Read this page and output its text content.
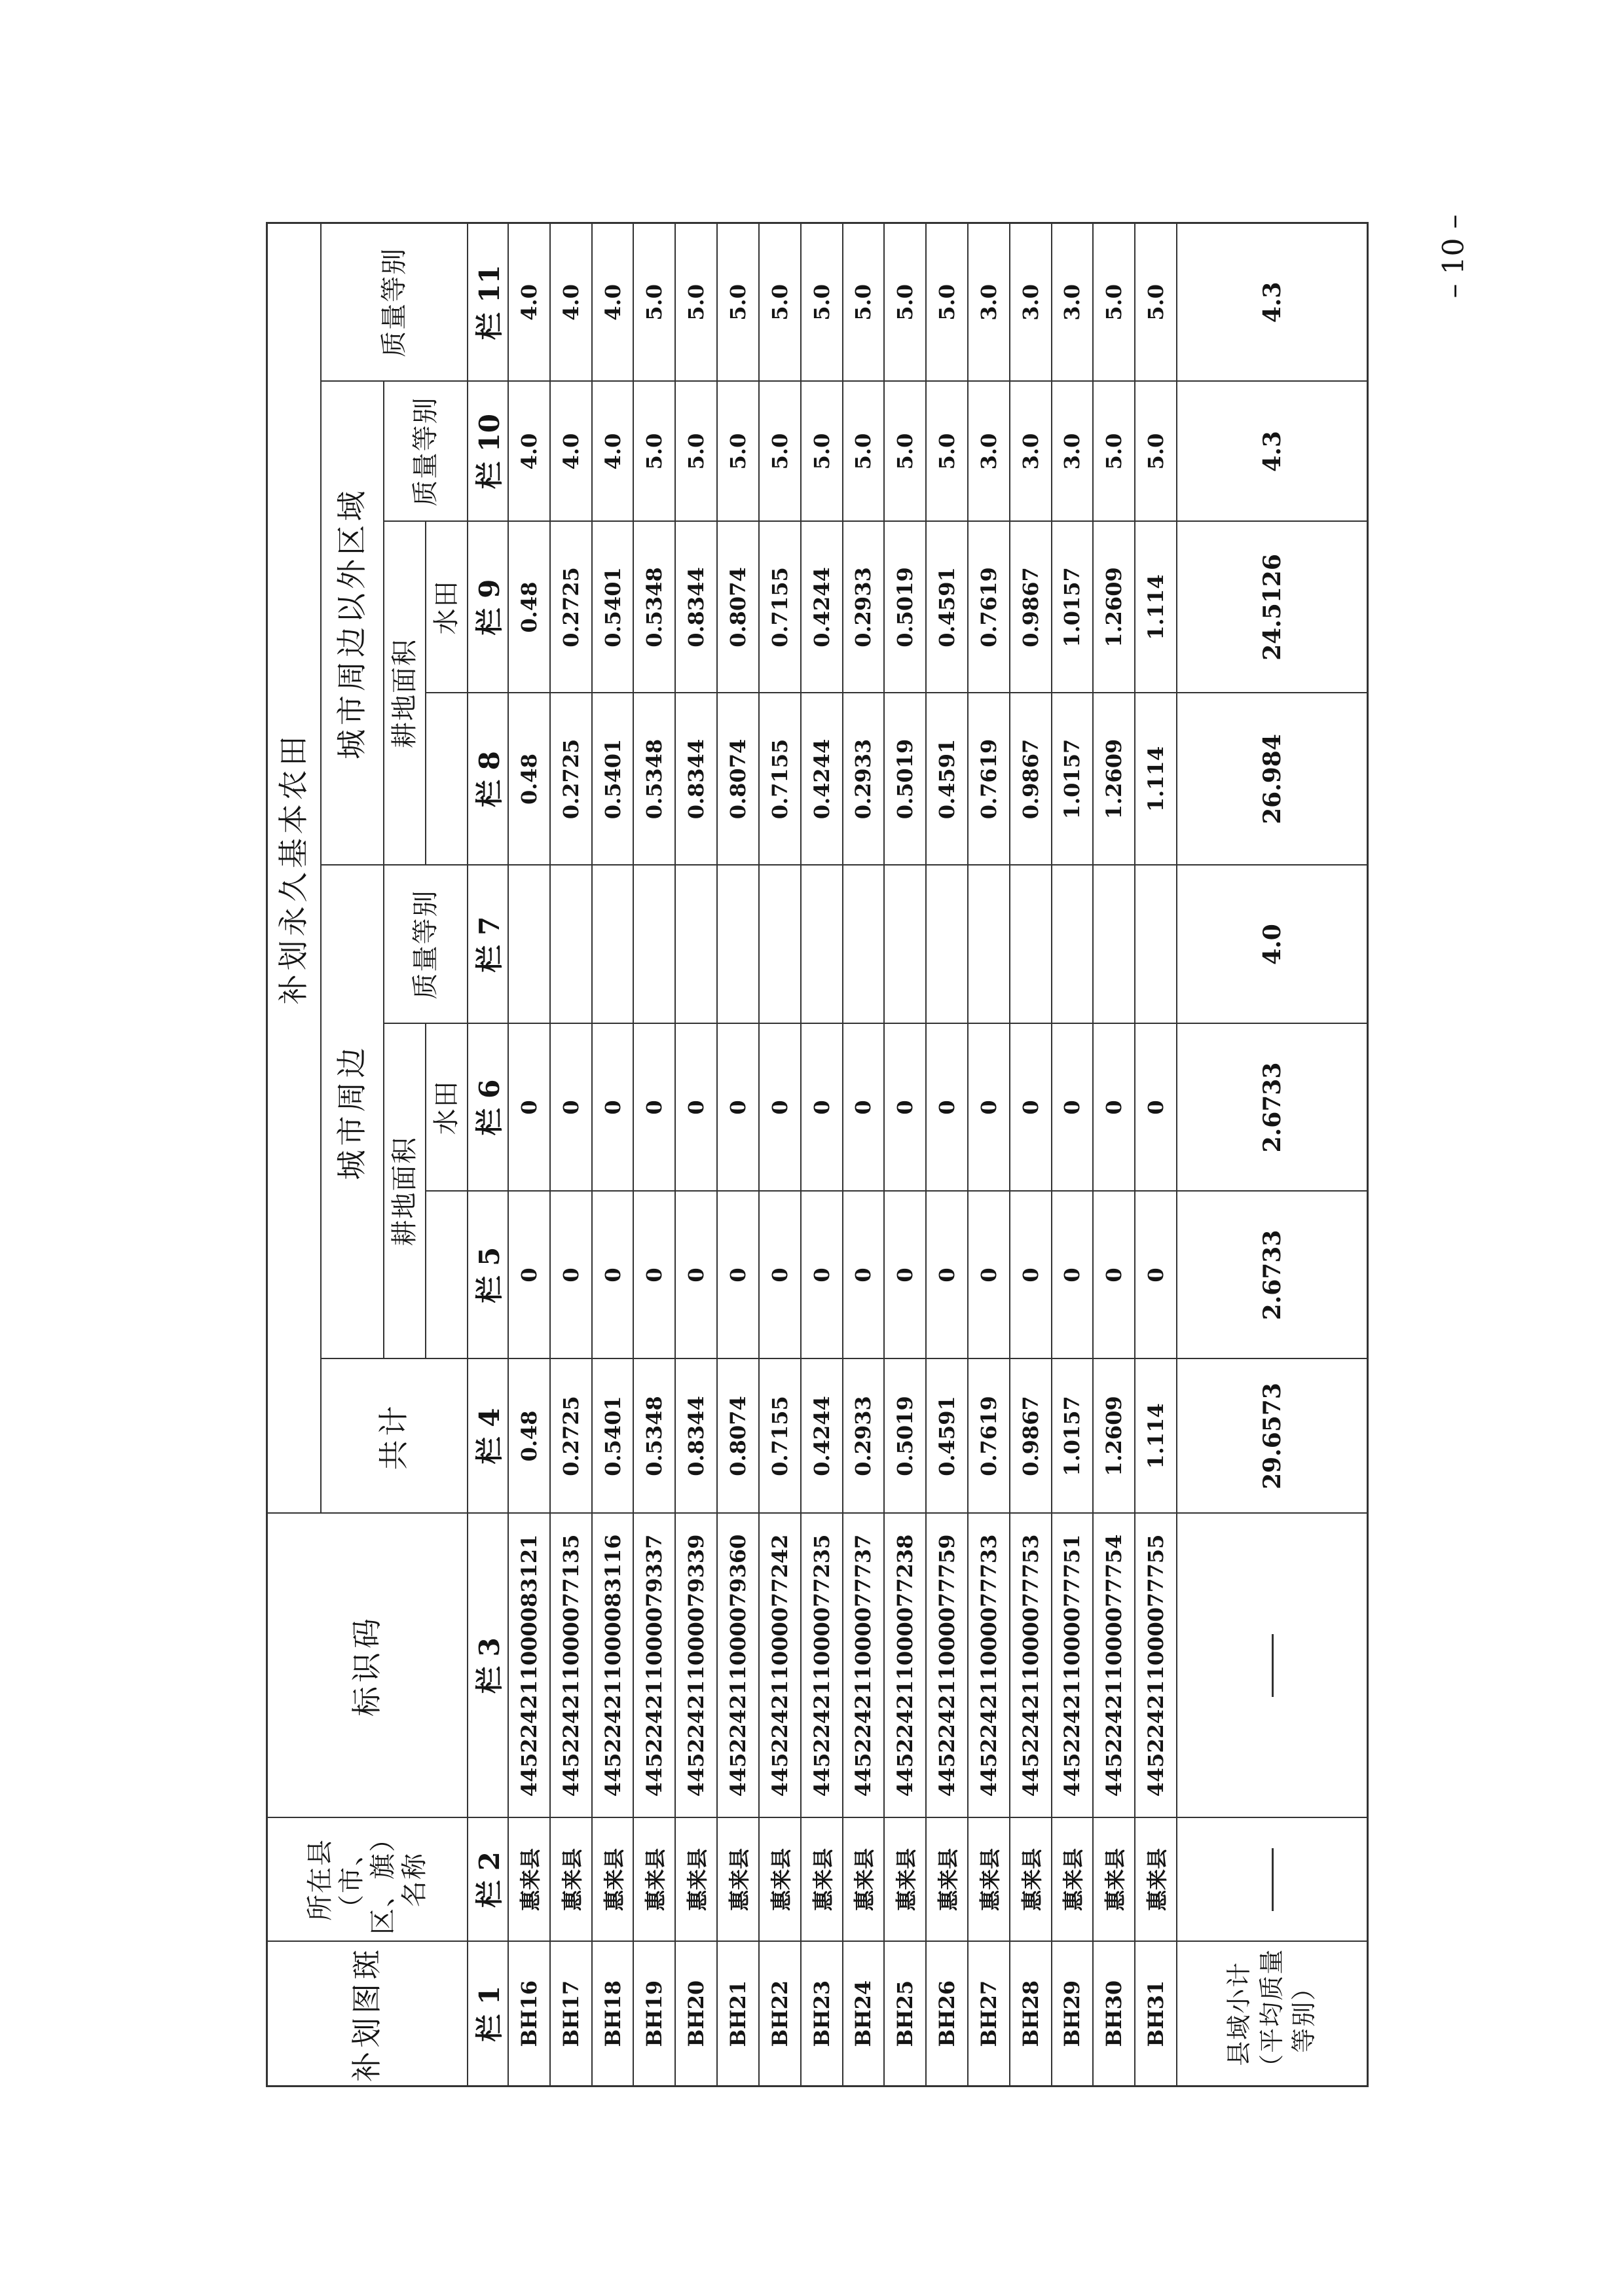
– 10 –
补划图斑	所在县（市、区、旗）名称	标识码	补划永久基本农田							
			共计	城市周边			城市周边以外区域			质量等别
				耕地面积		质量等别	耕地面积		质量等别	
					水田			水田		

栏 1	栏 2	栏 3	栏 4	栏 5	栏 6	栏 7	栏 8	栏 9	栏 10	栏 11
BH16	惠来县	445224211000083121	0.48	0	0		0.48	0.48	4.0	4.0
BH17	惠来县	445224211000077135	0.2725	0	0		0.2725	0.2725	4.0	4.0
BH18	惠来县	445224211000083116	0.5401	0	0		0.5401	0.5401	4.0	4.0
BH19	惠来县	445224211000079337	0.5348	0	0		0.5348	0.5348	5.0	5.0
BH20	惠来县	445224211000079339	0.8344	0	0		0.8344	0.8344	5.0	5.0
BH21	惠来县	445224211000079360	0.8074	0	0		0.8074	0.8074	5.0	5.0
BH22	惠来县	445224211000077242	0.7155	0	0		0.7155	0.7155	5.0	5.0
BH23	惠来县	445224211000077235	0.4244	0	0		0.4244	0.4244	5.0	5.0
BH24	惠来县	445224211000077737	0.2933	0	0		0.2933	0.2933	5.0	5.0
BH25	惠来县	445224211000077238	0.5019	0	0		0.5019	0.5019	5.0	5.0
BH26	惠来县	445224211000077759	0.4591	0	0		0.4591	0.4591	5.0	5.0
BH27	惠来县	445224211000077733	0.7619	0	0		0.7619	0.7619	3.0	3.0
BH28	惠来县	445224211000077753	0.9867	0	0		0.9867	0.9867	3.0	3.0
BH29	惠来县	445224211000077751	1.0157	0	0		1.0157	1.0157	3.0	3.0
BH30	惠来县	445224211000077754	1.2609	0	0		1.2609	1.2609	5.0	5.0
BH31	惠来县	445224211000077755	1.114	0	0		1.114	1.114	5.0	5.0
县域小计（平均质量等别）			29.6573	2.6733	2.6733	4.0	26.984	24.5126	4.3	4.3
